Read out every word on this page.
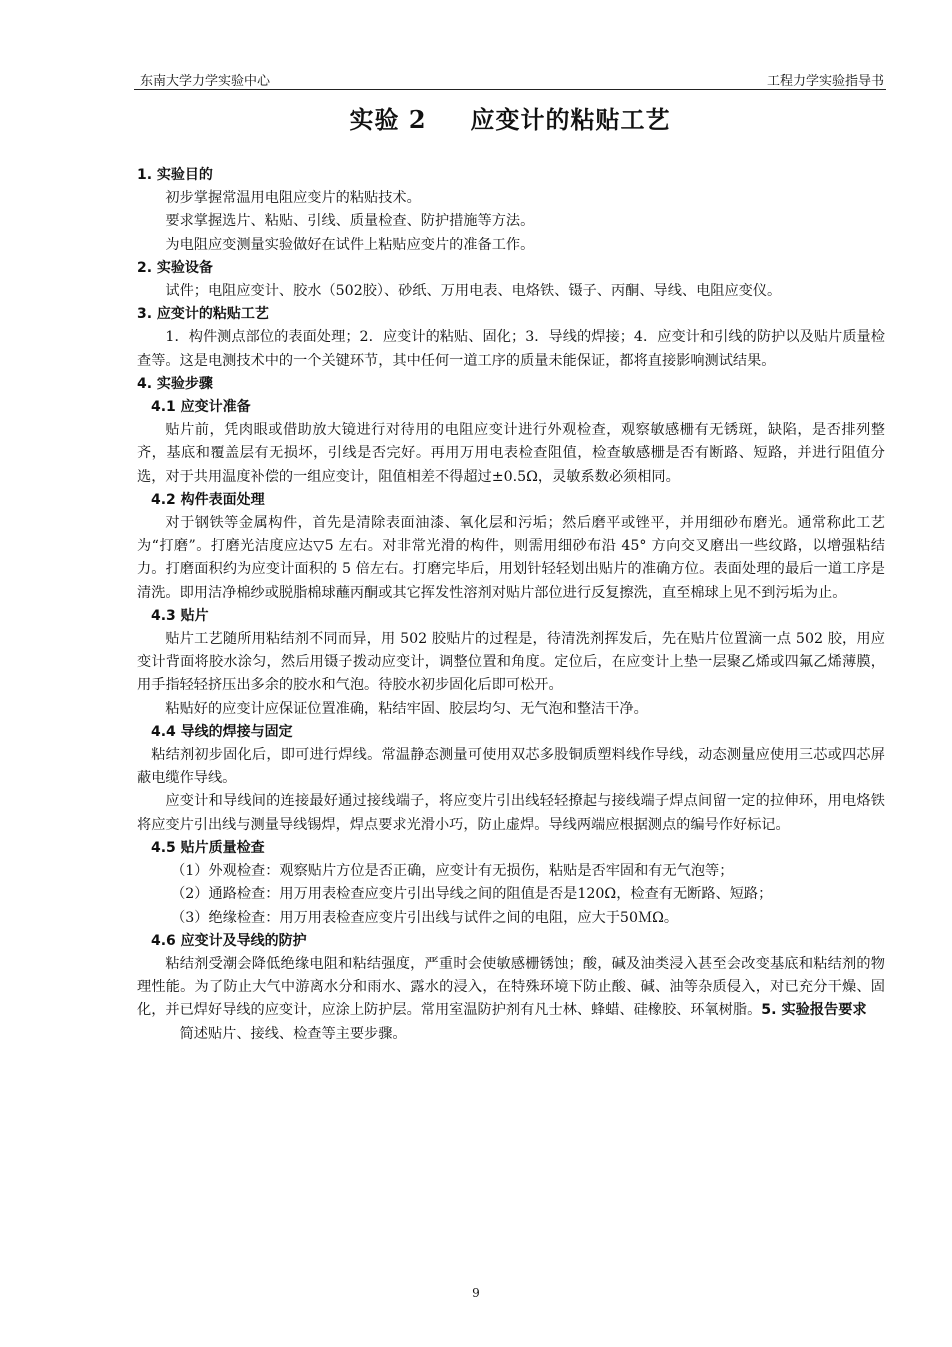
东南大学力学实验中心	工程力学实验指导书
实验 2 应变计的粘贴工艺

1. 实验目的

初步掌握常温用电阻应变片的粘贴技术。

要求掌握选片、粘贴、引线、质量检查、防护措施等方法。

为电阻应变测量实验做好在试件上粘贴应变片的准备工作。

2. 实验设备

试件；电阻应变计、胶水（502胶）、砂纸、万用电表、电烙铁、镊子、丙酮、导线、电阻应变仪。

3. 应变计的粘贴工艺

1．构件测点部位的表面处理；2．应变计的粘贴、固化；3．导线的焊接；4．应变计和引线的防护以及贴片质量检查等。这是电测技术中的一个关键环节，其中任何一道工序的质量未能保证，都将直接影响测试结果。

4. 实验步骤

4.1 应变计准备

贴片前，凭肉眼或借助放大镜进行对待用的电阻应变计进行外观检查，观察敏感栅有无锈斑，缺陷，是否排列整齐，基底和覆盖层有无损坏，引线是否完好。再用万用电表检查阻值，检查敏感栅是否有断路、短路，并进行阻值分选，对于共用温度补偿的一组应变计，阻值相差不得超过±0.5Ω，灵敏系数必须相同。

4.2 构件表面处理

对于钢铁等金属构件，首先是清除表面油漆、氧化层和污垢；然后磨平或锉平，并用细砂布磨光。通常称此工艺为“打磨”。打磨光洁度应达▽5 左右。对非常光滑的构件，则需用细砂布沿 45° 方向交叉磨出一些纹路，以增强粘结力。打磨面积约为应变计面积的 5 倍左右。打磨完毕后，用划针轻轻划出贴片的准确方位。表面处理的最后一道工序是清洗。即用洁净棉纱或脱脂棉球蘸丙酮或其它挥发性溶剂对贴片部位进行反复擦洗，直至棉球上见不到污垢为止。

4.3 贴片

贴片工艺随所用粘结剂不同而异，用 502 胶贴片的过程是，待清洗剂挥发后，先在贴片位置滴一点 502 胶，用应变计背面将胶水涂匀，然后用镊子拨动应变计，调整位置和角度。定位后，在应变计上垫一层聚乙烯或四氟乙烯薄膜，用手指轻轻挤压出多余的胶水和气泡。待胶水初步固化后即可松开。

粘贴好的应变计应保证位置准确，粘结牢固、胶层均匀、无气泡和整洁干净。

4.4 导线的焊接与固定

粘结剂初步固化后，即可进行焊线。常温静态测量可使用双芯多股铜质塑料线作导线，动态测量应使用三芯或四芯屏蔽电缆作导线。

应变计和导线间的连接最好通过接线端子，将应变片引出线轻轻撩起与接线端子焊点间留一定的拉伸环，用电烙铁将应变片引出线与测量导线锡焊，焊点要求光滑小巧，防止虚焊。导线两端应根据测点的编号作好标记。

4.5 贴片质量检查

（1）外观检查：观察贴片方位是否正确，应变计有无损伤，粘贴是否牢固和有无气泡等；

（2）通路检查：用万用表检查应变片引出导线之间的阻值是否是120Ω，检查有无断路、短路；

（3）绝缘检查：用万用表检查应变片引出线与试件之间的电阻，应大于50ＭΩ。

4.6 应变计及导线的防护

粘结剂受潮会降低绝缘电阻和粘结强度，严重时会使敏感栅锈蚀；酸，碱及油类浸入甚至会改变基底和粘结剂的物理性能。为了防止大气中游离水分和雨水、露水的浸入，在特殊环境下防止酸、碱、油等杂质侵入，对已充分干燥、固化，并已焊好导线的应变计，应涂上防护层。常用室温防护剂有凡士林、蜂蜡、硅橡胶、环氧树脂。5. 实验报告要求

简述贴片、接线、检查等主要步骤。

9
